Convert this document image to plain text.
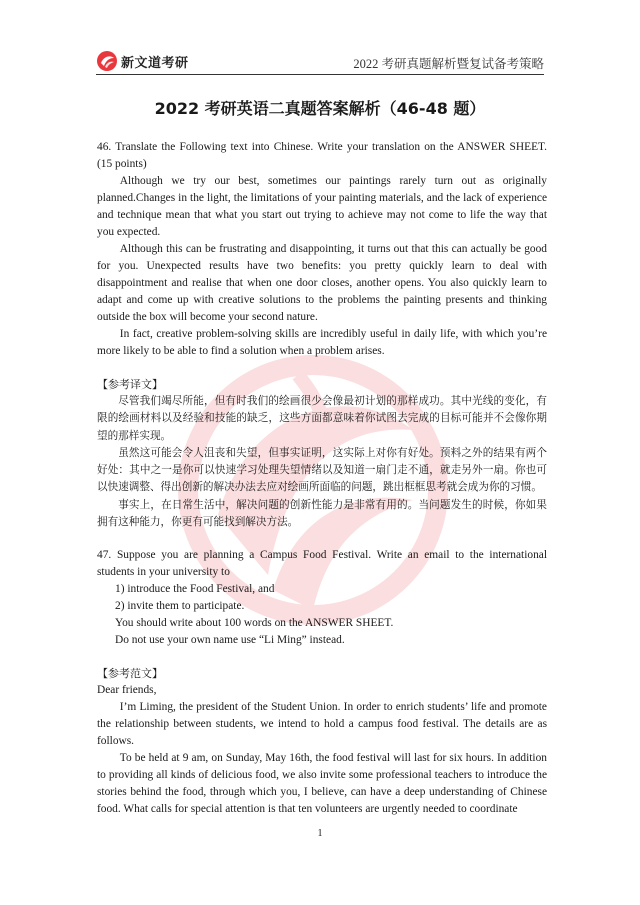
新文道考研	2022 考研真题解析暨复试备考策略
2022 考研英语二真题答案解析（46-48 题）

46. Translate the Following text into Chinese. Write your translation on the ANSWER SHEET. (15 points)

Although we try our best, sometimes our paintings rarely turn out as originally planned.Changes in the light, the limitations of your painting materials, and the lack of experience and technique mean that what you start out trying to achieve may not come to life the way that you expected.

Although this can be frustrating and disappointing, it turns out that this can actually be good for you. Unexpected results have two benefits: you pretty quickly learn to deal with disappointment and realise that when one door closes, another opens. You also quickly learn to adapt and come up with creative solutions to the problems the painting presents and thinking outside the box will become your second nature.

In fact, creative problem-solving skills are incredibly useful in daily life, with which you’re more likely to be able to find a solution when a problem arises.

【参考译文】

尽管我们竭尽所能，但有时我们的绘画很少会像最初计划的那样成功。其中光线的变化，有限的绘画材料以及经验和技能的缺乏，这些方面都意味着你试图去完成的目标可能并不会像你期望的那样实现。

虽然这可能会令人沮丧和失望，但事实证明，这实际上对你有好处。预料之外的结果有两个好处：其中之一是你可以快速学习处理失望情绪以及知道一扇门走不通，就走另外一扇。你也可以快速调整、得出创新的解决办法去应对绘画所面临的问题，跳出框框思考就会成为你的习惯。

事实上，在日常生活中，解决问题的创新性能力是非常有用的。当问题发生的时候，你如果拥有这种能力，你更有可能找到解决方法。

47. Suppose you are planning a Campus Food Festival. Write an email to the international students in your university to

1) introduce the Food Festival, and

2) invite them to participate.

You should write about 100 words on the ANSWER SHEET.

Do not use your own name use “Li Ming” instead.

【参考范文】

Dear friends,

I’m Liming, the president of the Student Union. In order to enrich students’ life and promote the relationship between students, we intend to hold a campus food festival. The details are as follows.

To be held at 9 am, on Sunday, May 16th, the food festival will last for six hours. In addition to providing all kinds of delicious food, we also invite some professional teachers to introduce the stories behind the food, through which you, I believe, can have a deep understanding of Chinese food. What calls for special attention is that ten volunteers are urgently needed to coordinate

1
